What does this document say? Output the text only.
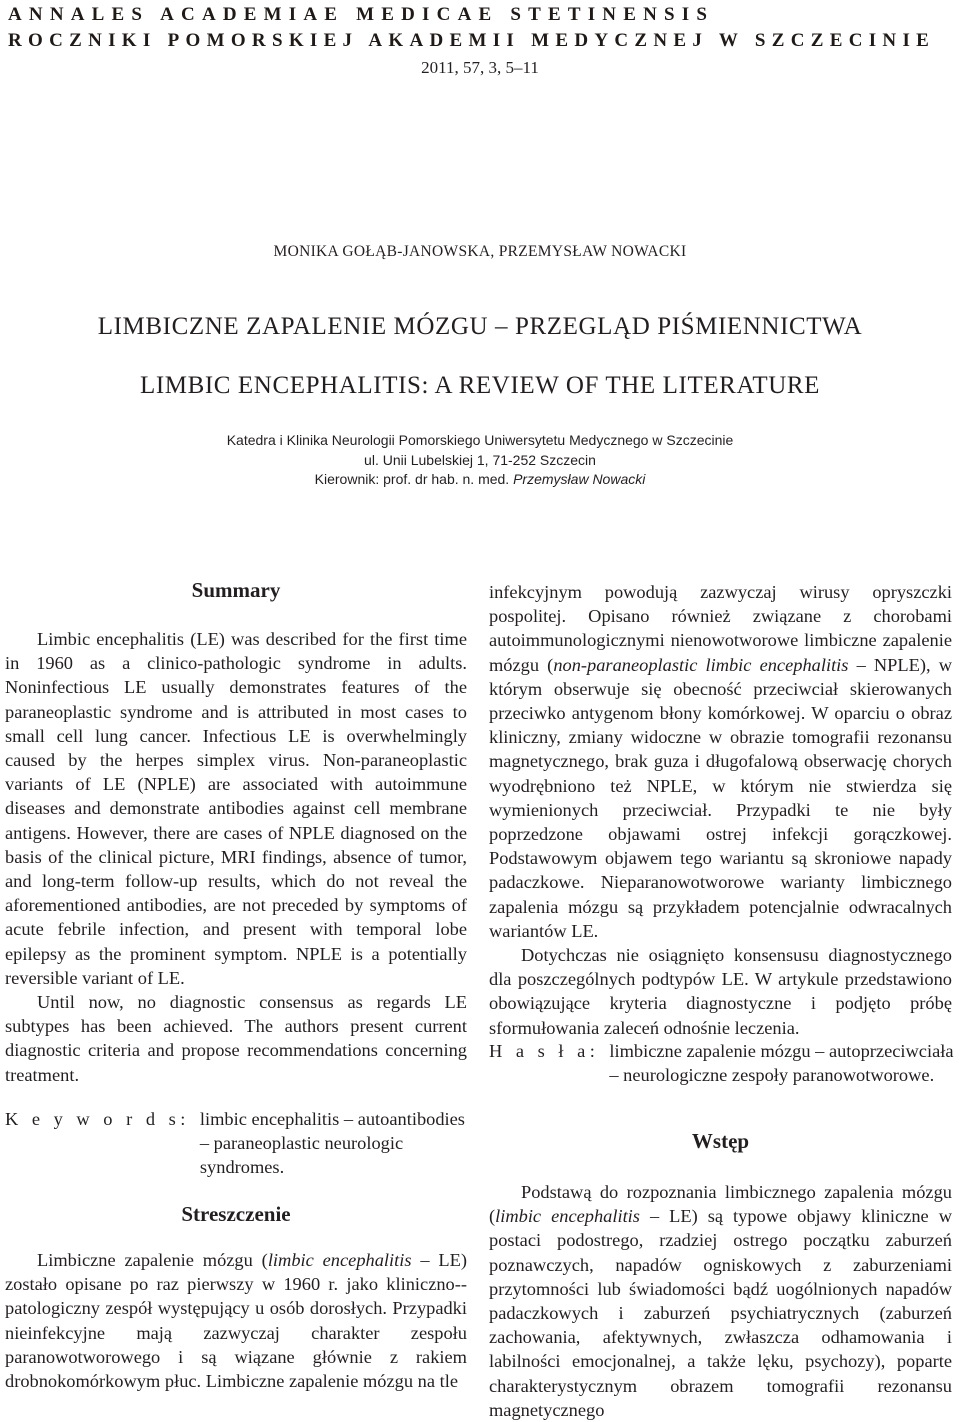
ANNALES ACADEMIAE MEDICAE STETINENSIS
ROCZNIKI POMORSKIEJ AKADEMII MEDYCZNEJ W SZCZECINIE
2011, 57, 3, 5–11
MONIKA GOŁĄB-JANOWSKA, PRZEMYSŁAW NOWACKI
LIMBICZNE ZAPALENIE MÓZGU – PRZEGLĄD PIŚMIENNICTWA
LIMBIC ENCEPHALITIS: A REVIEW OF THE LITERATURE
Katedra i Klinika Neurologii Pomorskiego Uniwersytetu Medycznego w Szczecinie
ul. Unii Lubelskiej 1, 71-252 Szczecin
Kierownik: prof. dr hab. n. med. Przemysław Nowacki
Summary

Limbic encephalitis (LE) was described for the first time in 1960 as a clinico-pathologic syndrome in adults. Noninfectious LE usually demonstrates features of the paraneoplastic syndrome and is attributed in most cases to small cell lung cancer. Infectious LE is overwhelmingly caused by the herpes simplex virus. Non-paraneoplastic variants of LE (NPLE) are associated with autoimmune diseases and demonstrate antibodies against cell membrane antigens. However, there are cases of NPLE diagnosed on the basis of the clinical picture, MRI findings, absence of tumor, and long-term follow-up results, which do not reveal the aforementioned antibodies, are not preceded by symptoms of acute febrile infection, and present with temporal lobe epilepsy as the prominent symptom. NPLE is a potentially reversible variant of LE.

Until now, no diagnostic consensus as regards LE subtypes has been achieved. The authors present current diagnostic criteria and propose recommendations concerning treatment.

K e y w o r d s: limbic encephalitis – autoantibodies – paraneoplastic neurologic syndromes.
Streszczenie

Limbiczne zapalenie mózgu (limbic encephalitis – LE) zostało opisane po raz pierwszy w 1960 r. jako kliniczno--patologiczny zespół występujący u osób dorosłych. Przypadki nieinfekcyjne mają zazwyczaj charakter zespołu paranowotworowego i są wiązane głównie z rakiem drobnokomórkowym płuc. Limbiczne zapalenie mózgu na tle

infekcyjnym powodują zazwyczaj wirusy opryszczki pospolitej. Opisano również związane z chorobami autoimmunologicznymi nienowotworowe limbiczne zapalenie mózgu (non-paraneoplastic limbic encephalitis – NPLE), w którym obserwuje się obecność przeciwciał skierowanych przeciwko antygenom błony komórkowej. W oparciu o obraz kliniczny, zmiany widoczne w obrazie tomografii rezonansu magnetycznego, brak guza i długofalową obserwację chorych wyodrębniono też NPLE, w którym nie stwierdza się wymienionych przeciwciał. Przypadki te nie były poprzedzone objawami ostrej infekcji gorączkowej. Podstawowym objawem tego wariantu są skroniowe napady padaczkowe. Nieparanowotworowe warianty limbicznego zapalenia mózgu są przykładem potencjalnie odwracalnych wariantów LE.

Dotychczas nie osiągnięto konsensusu diagnostycznego dla poszczególnych podtypów LE. W artykule przedstawiono obowiązujące kryteria diagnostyczne i podjęto próbę sformułowania zaleceń odnośnie leczenia.

H a s ł a: limbiczne zapalenie mózgu – autoprzeciwciała – neurologiczne zespoły paranowotworowe.
Wstęp

Podstawą do rozpoznania limbicznego zapalenia mózgu (limbic encephalitis – LE) są typowe objawy kliniczne w postaci podostrego, rzadziej ostrego początku zaburzeń poznawczych, napadów ogniskowych z zaburzeniami przytomności lub świadomości bądź uogólnionych napadów padaczkowych i zaburzeń psychiatrycznych (zaburzeń zachowania, afektywnych, zwłaszcza odhamowania i labilności emocjonalnej, a także lęku, psychozy), poparte charakterystycznym obrazem tomografii rezonansu magnetycznego
